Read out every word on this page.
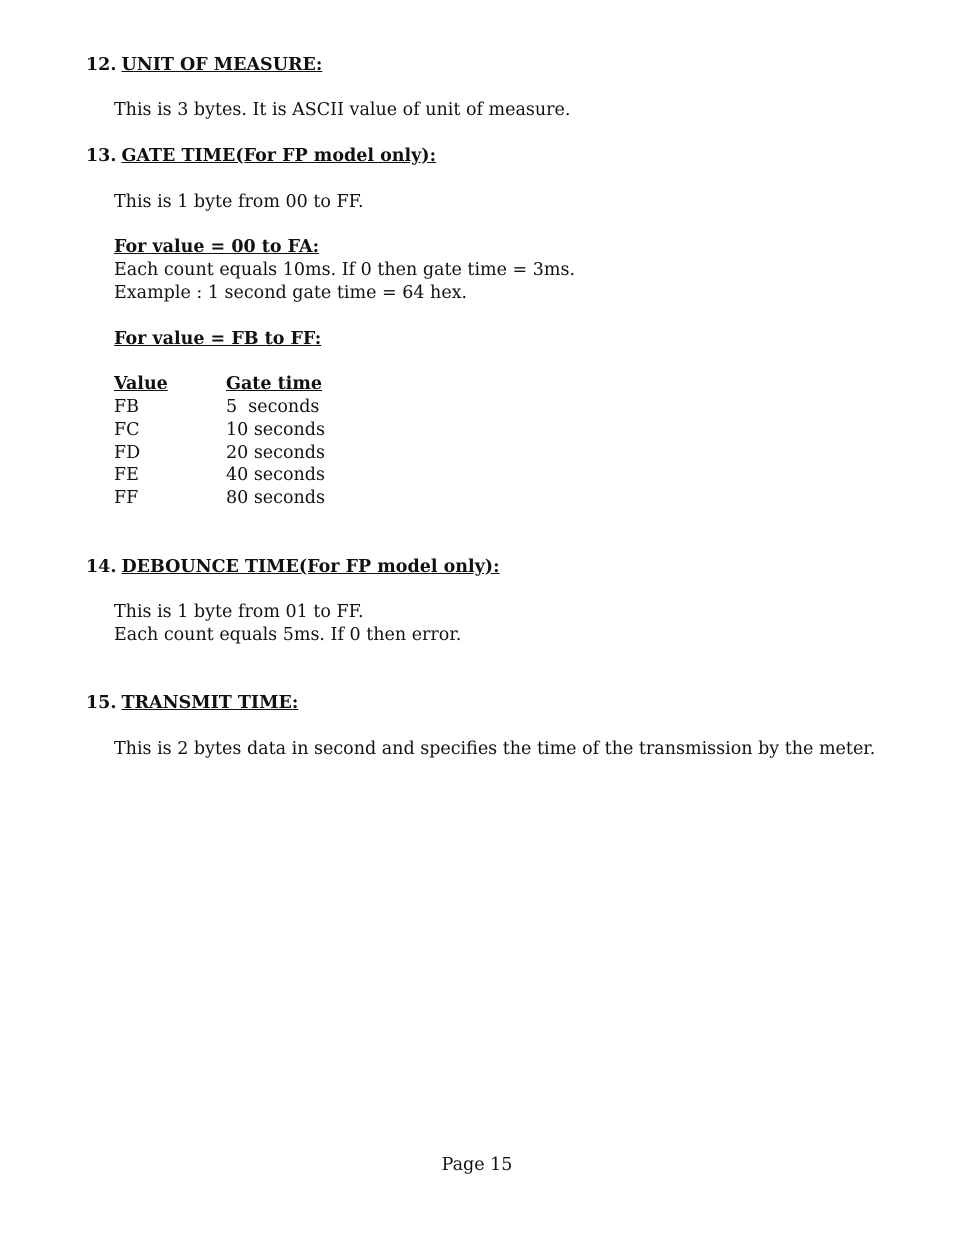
12. UNIT OF MEASURE:
This is 3 bytes. It is ASCII value of unit of measure.
13. GATE TIME(For FP model only):
This is 1 byte from 00 to FF.
For value = 00 to FA:
Each count equals 10ms. If 0 then gate time = 3ms.
Example : 1 second gate time = 64 hex.
For value = FB to FF:
Value	Gate time
FB	5  seconds
FC	10 seconds
FD	20 seconds
FE	40 seconds
FF	80 seconds
14. DEBOUNCE TIME(For FP model only):
This is 1 byte from 01 to FF.
Each count equals 5ms. If 0 then error.
15. TRANSMIT TIME:
This is 2 bytes data in second and specifies the time of the transmission by the meter.
Page 15
